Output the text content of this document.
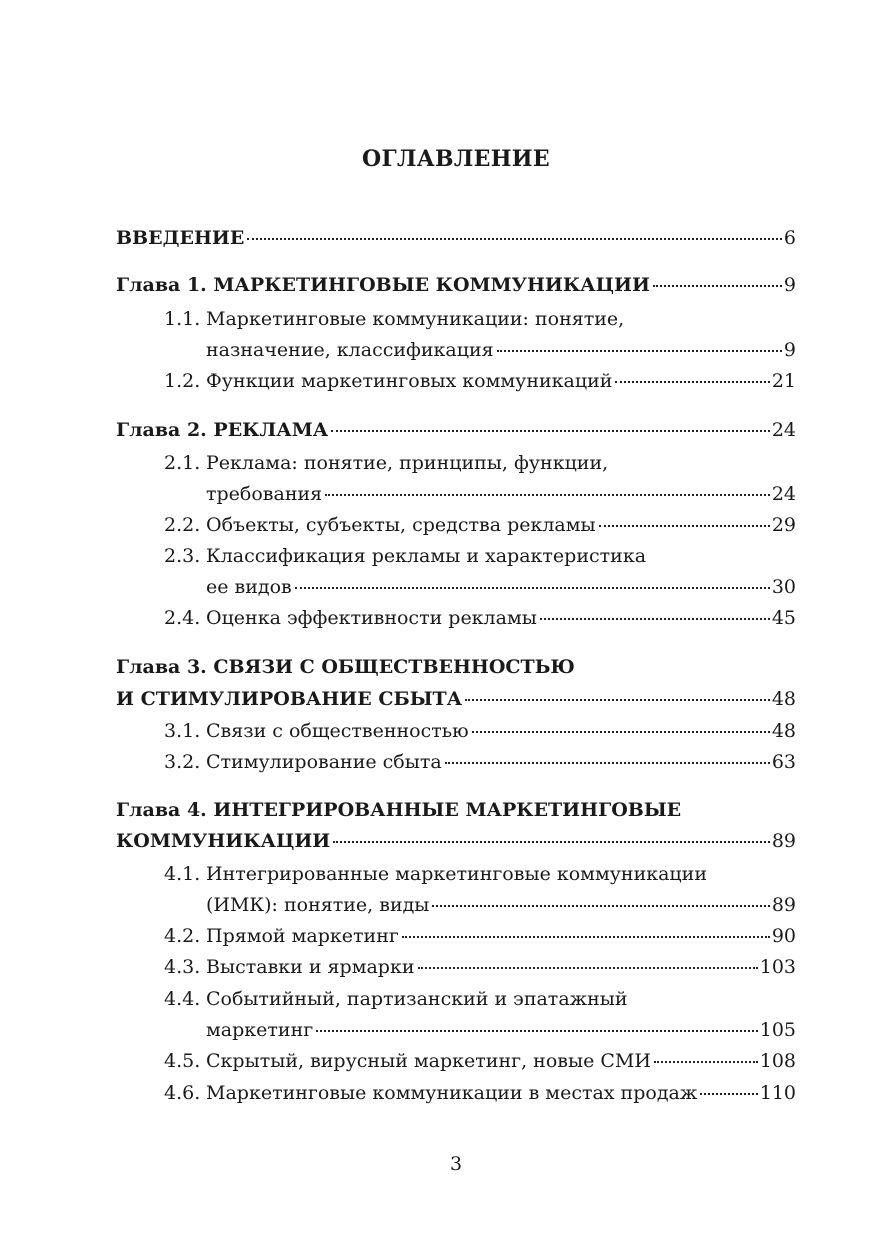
ОГЛАВЛЕНИЕ
ВВЕДЕНИЕ	6
Глава 1. МАРКЕТИНГОВЫЕ КОММУНИКАЦИИ	9
1.1. Маркетинговые коммуникации: понятие,
назначение, классификация	9
1.2. Функции маркетинговых коммуникаций	21
Глава 2. РЕКЛАМА	24
2.1. Реклама: понятие, принципы, функции,
требования	24
2.2. Объекты, субъекты, средства рекламы	29
2.3. Классификация рекламы и характеристика
ее видов	30
2.4. Оценка эффективности рекламы	45
Глава 3. СВЯЗИ С ОБЩЕСТВЕННОСТЬЮ
И СТИМУЛИРОВАНИЕ СБЫТА	48
3.1. Связи с общественностью	48
3.2. Стимулирование сбыта	63
Глава 4. ИНТЕГРИРОВАННЫЕ МАРКЕТИНГОВЫЕ
КОММУНИКАЦИИ	89
4.1. Интегрированные маркетинговые коммуникации
(ИМК): понятие, виды	89
4.2. Прямой маркетинг	90
4.3. Выставки и ярмарки	103
4.4. Событийный, партизанский и эпатажный
маркетинг	105
4.5. Скрытый, вирусный маркетинг, новые СМИ	108
4.6. Маркетинговые коммуникации в местах продаж	110
3
